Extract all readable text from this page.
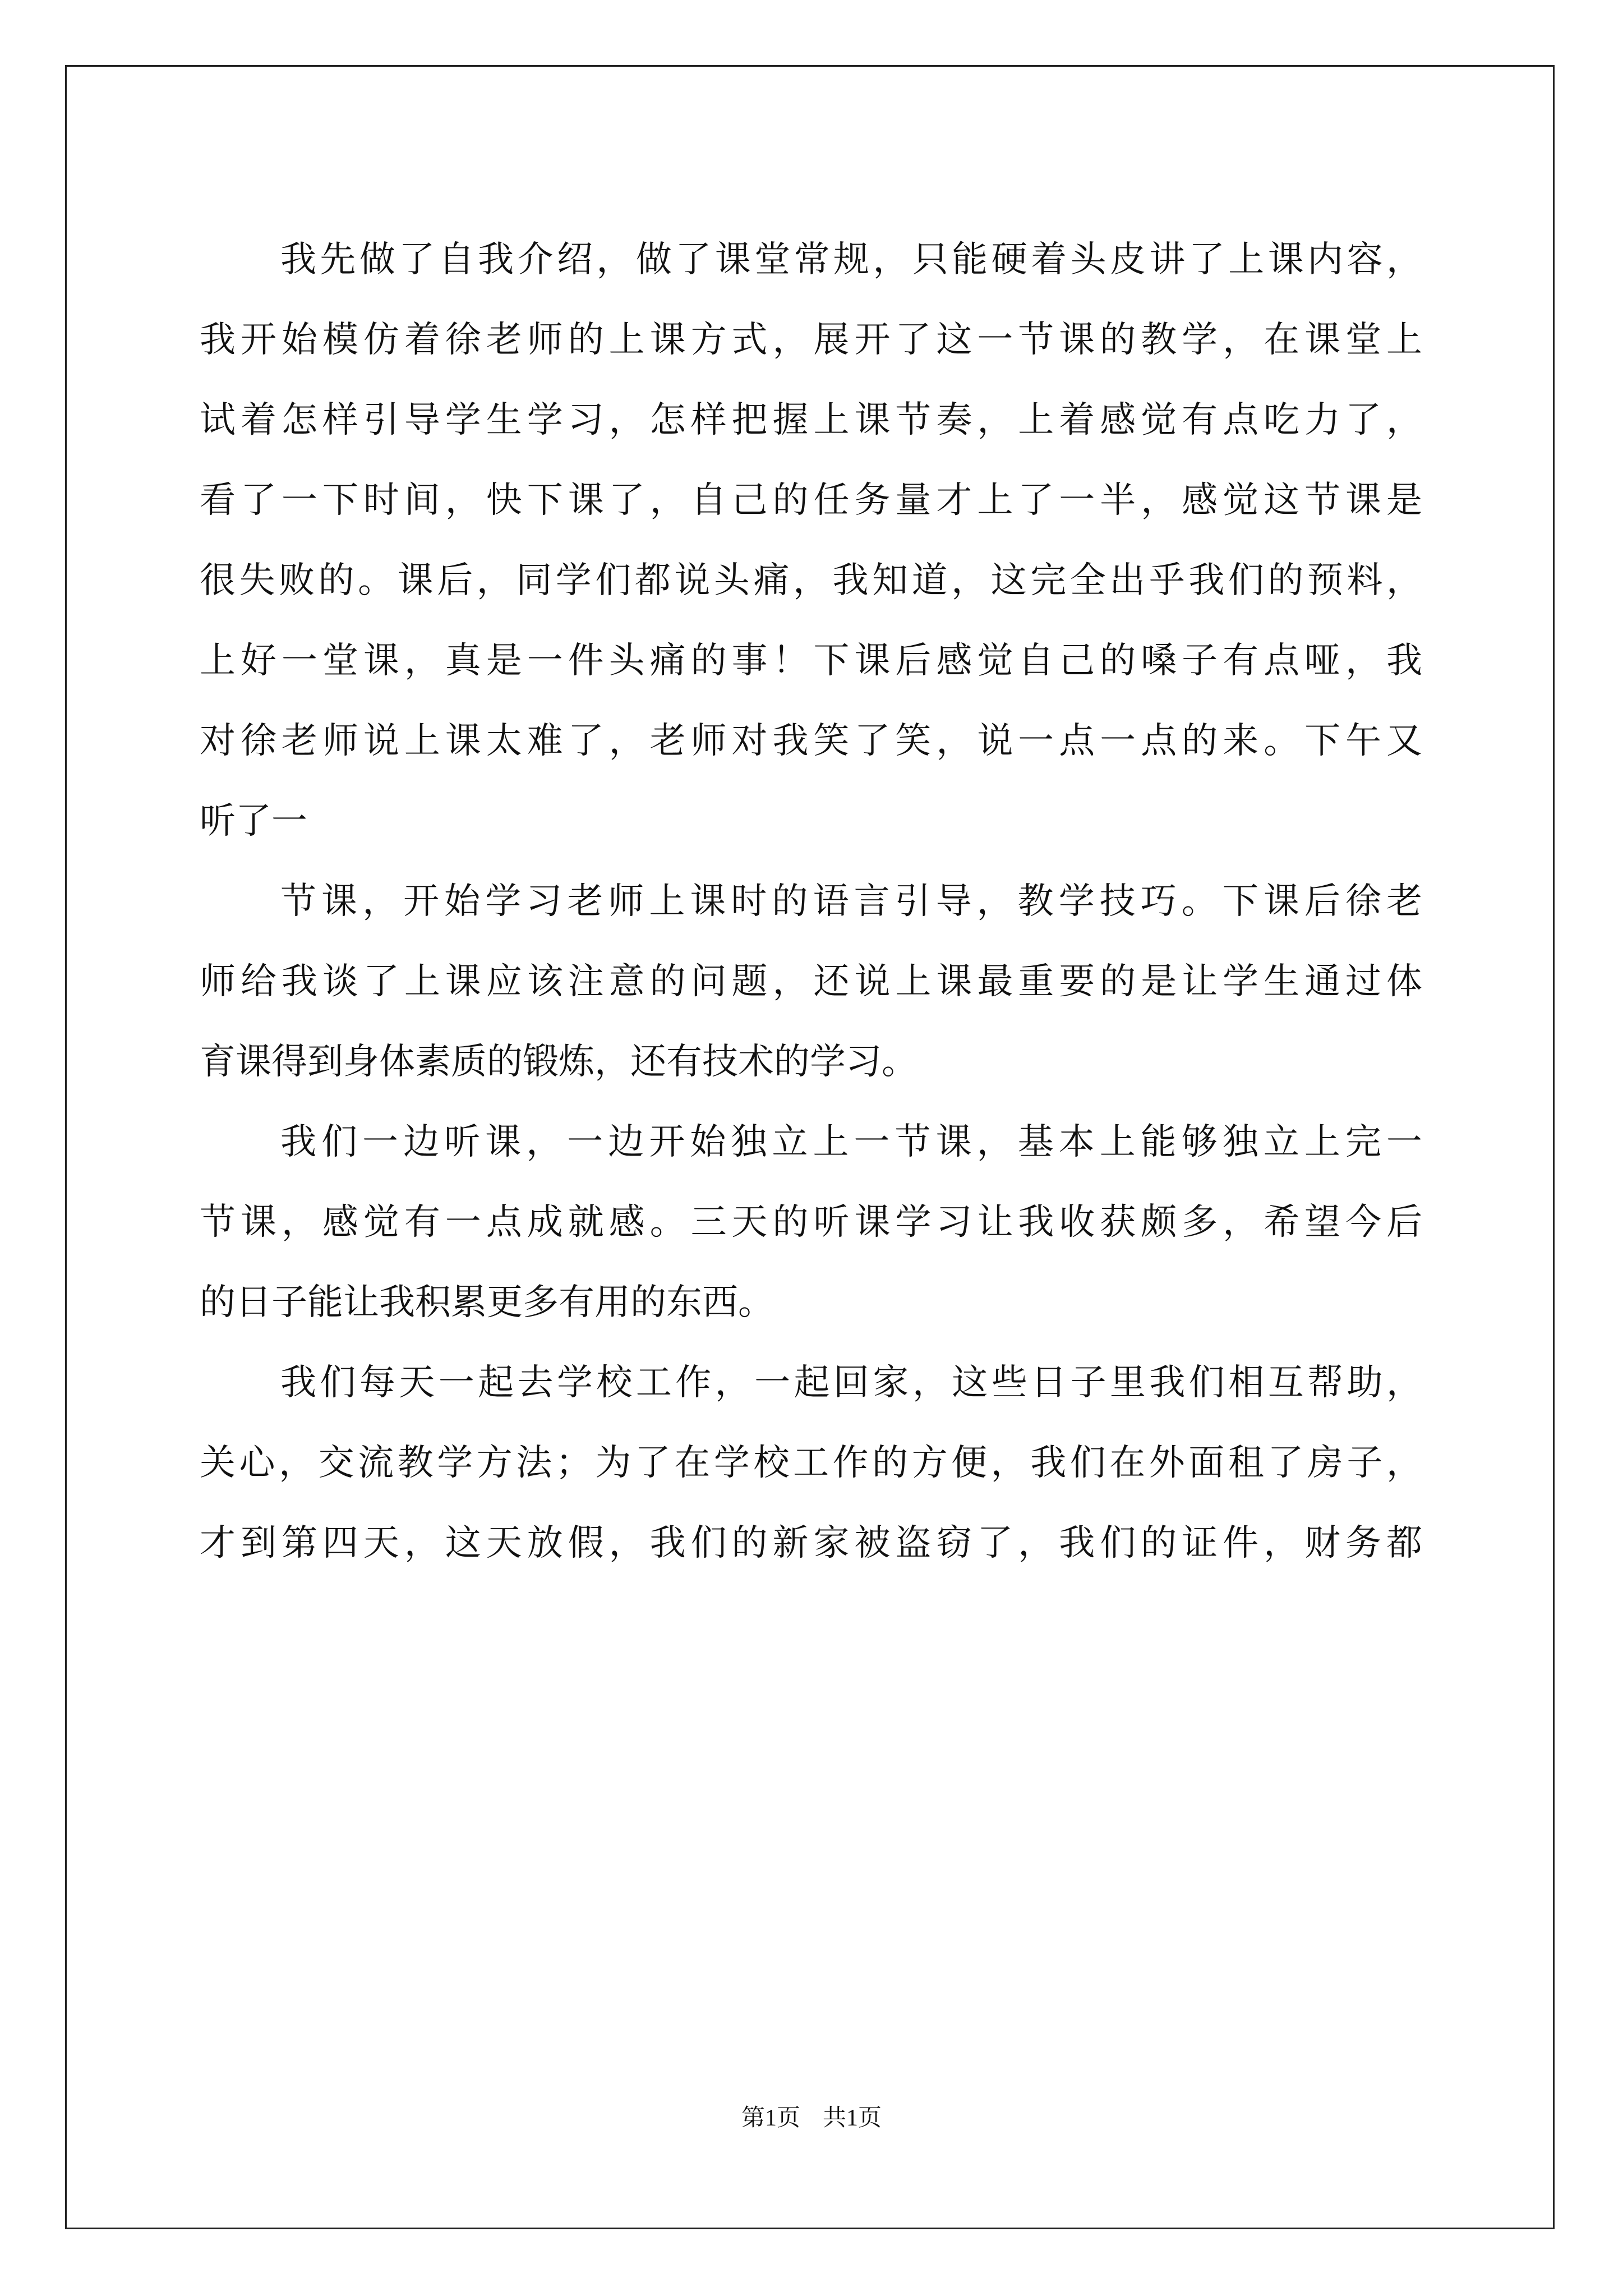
我先做了自我介绍，做了课堂常规，只能硬着头皮讲了上课内容，
我开始模仿着徐老师的上课方式，展开了这一节课的教学，在课堂上
试着怎样引导学生学习，怎样把握上课节奏，上着感觉有点吃力了，
看了一下时间，快下课了，自己的任务量才上了一半，感觉这节课是
很失败的。课后，同学们都说头痛，我知道，这完全出乎我们的预料，
上好一堂课，真是一件头痛的事！下课后感觉自己的嗓子有点哑，我
对徐老师说上课太难了，老师对我笑了笑，说一点一点的来。下午又
听了一
节课，开始学习老师上课时的语言引导，教学技巧。下课后徐老
师给我谈了上课应该注意的问题，还说上课最重要的是让学生通过体
育课得到身体素质的锻炼，还有技术的学习。
我们一边听课，一边开始独立上一节课，基本上能够独立上完一
节课，感觉有一点成就感。三天的听课学习让我收获颇多，希望今后
的日子能让我积累更多有用的东西。
我们每天一起去学校工作，一起回家，这些日子里我们相互帮助，
关心，交流教学方法；为了在学校工作的方便，我们在外面租了房子，
才到第四天，这天放假，我们的新家被盗窃了，我们的证件，财务都
第1页 共1页
